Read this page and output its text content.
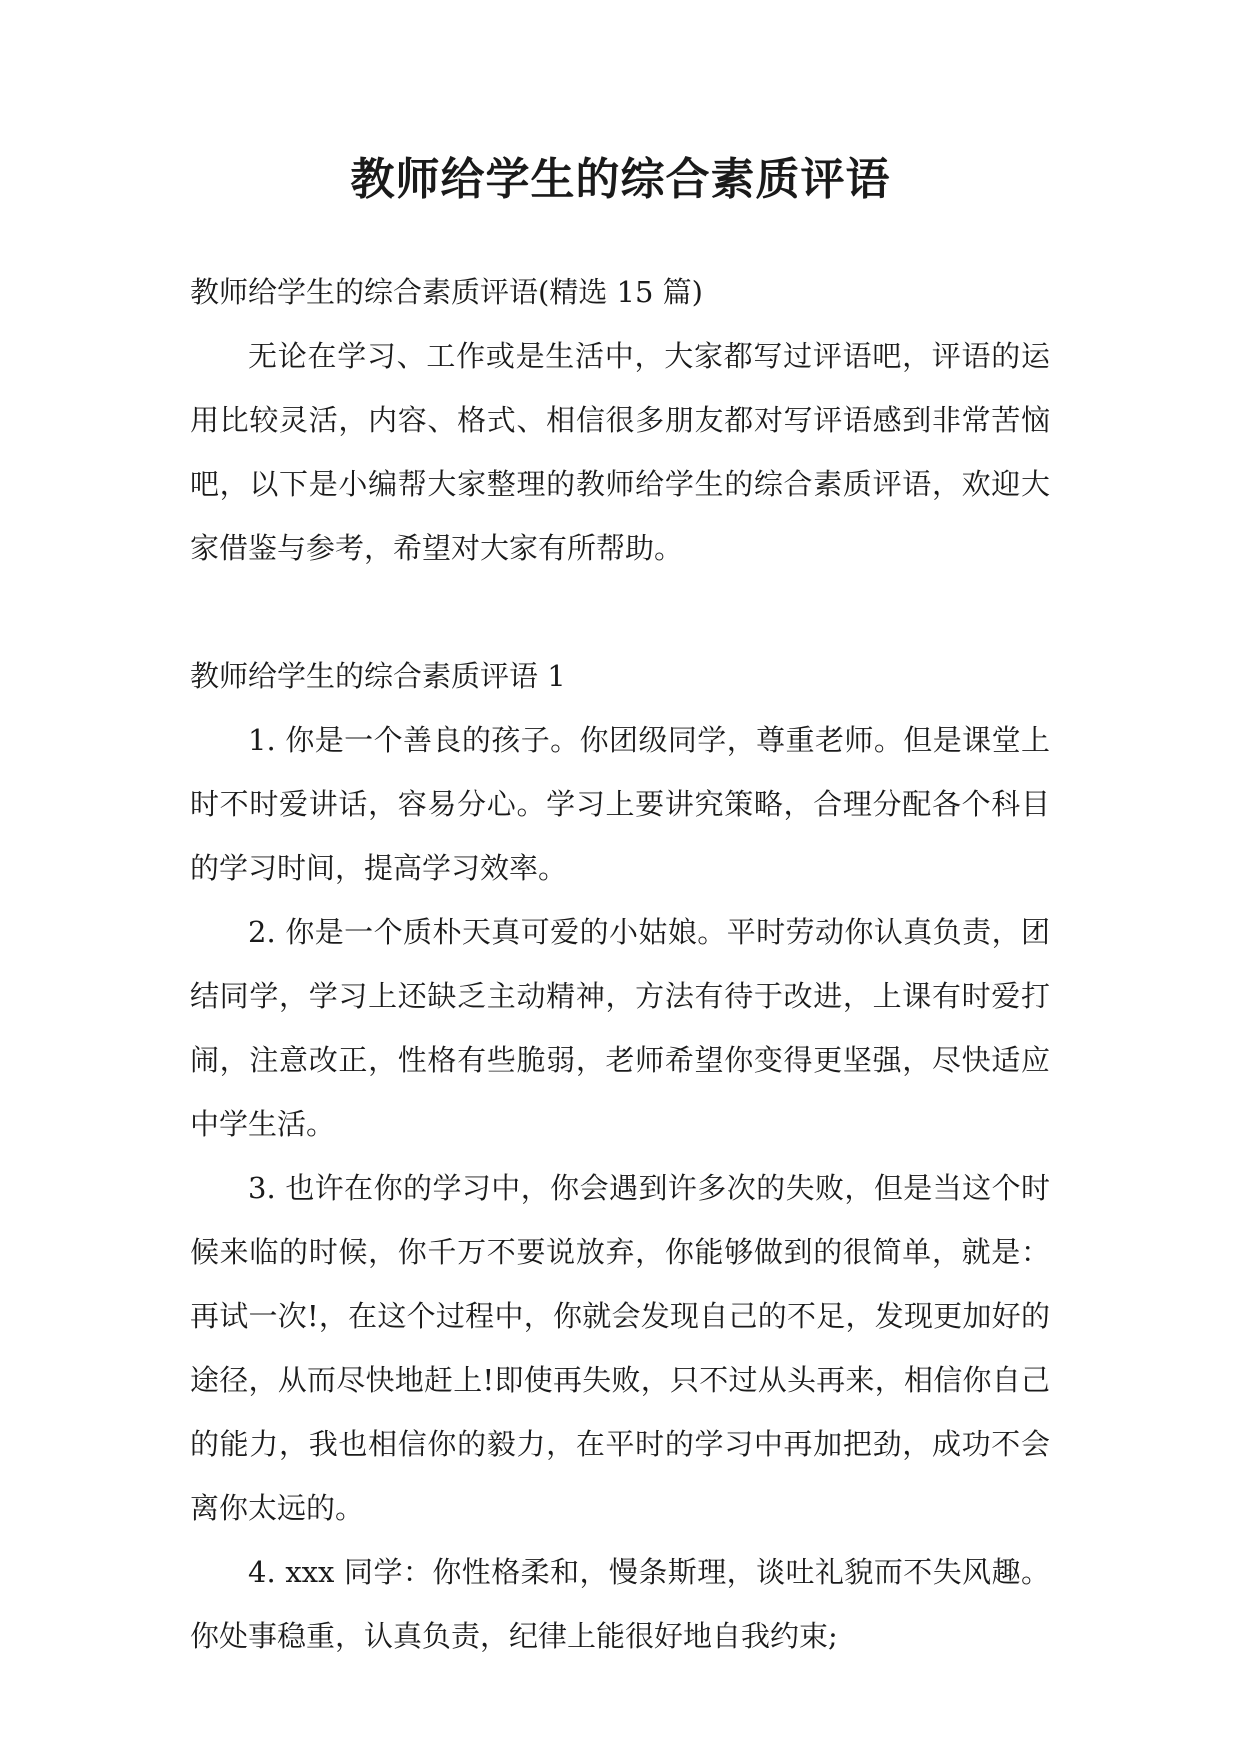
教师给学生的综合素质评语

教师给学生的综合素质评语(精选 15 篇)

无论在学习、工作或是生活中，大家都写过评语吧，评语的运用比较灵活，内容、格式、相信很多朋友都对写评语感到非常苦恼吧，以下是小编帮大家整理的教师给学生的综合素质评语，欢迎大家借鉴与参考，希望对大家有所帮助。

教师给学生的综合素质评语 1

1. 你是一个善良的孩子。你团级同学，尊重老师。但是课堂上时不时爱讲话，容易分心。学习上要讲究策略，合理分配各个科目的学习时间，提高学习效率。

2. 你是一个质朴天真可爱的小姑娘。平时劳动你认真负责，团结同学，学习上还缺乏主动精神，方法有待于改进，上课有时爱打闹，注意改正，性格有些脆弱，老师希望你变得更坚强，尽快适应中学生活。

3. 也许在你的学习中，你会遇到许多次的失败，但是当这个时候来临的时候，你千万不要说放弃，你能够做到的很简单，就是：再试一次!，在这个过程中，你就会发现自己的不足，发现更加好的途径，从而尽快地赶上!即使再失败，只不过从头再来，相信你自己的能力，我也相信你的毅力，在平时的学习中再加把劲，成功不会离你太远的。

4. xxx 同学：你性格柔和，慢条斯理，谈吐礼貌而不失风趣。你处事稳重，认真负责，纪律上能很好地自我约束;
